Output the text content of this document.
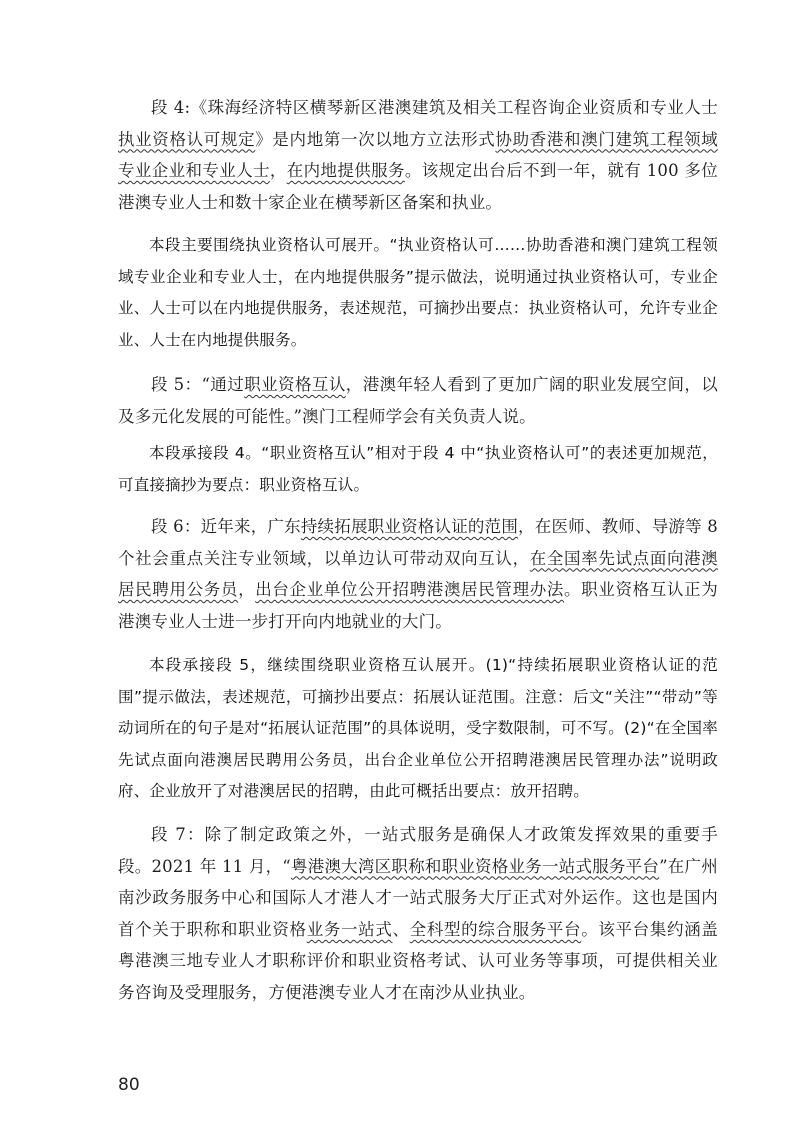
段 4:《珠海经济特区横琴新区港澳建筑及相关工程咨询企业资质和专业人士执业资格认可规定》是内地第一次以地方立法形式协助香港和澳门建筑工程领域专业企业和专业人士，在内地提供服务。该规定出台后不到一年，就有 100 多位港澳专业人士和数十家企业在横琴新区备案和执业。

本段主要围绕执业资格认可展开。“执业资格认可……协助香港和澳门建筑工程领域专业企业和专业人士，在内地提供服务”提示做法，说明通过执业资格认可，专业企业、人士可以在内地提供服务，表述规范，可摘抄出要点：执业资格认可，允许专业企业、人士在内地提供服务。

段 5：“通过职业资格互认，港澳年轻人看到了更加广阔的职业发展空间，以及多元化发展的可能性。”澳门工程师学会有关负责人说。

本段承接段 4。“职业资格互认”相对于段 4 中“执业资格认可”的表述更加规范，可直接摘抄为要点：职业资格互认。

段 6：近年来，广东持续拓展职业资格认证的范围，在医师、教师、导游等 8 个社会重点关注专业领域，以单边认可带动双向互认，在全国率先试点面向港澳居民聘用公务员，出台企业单位公开招聘港澳居民管理办法。职业资格互认正为港澳专业人士进一步打开向内地就业的大门。

本段承接段 5，继续围绕职业资格互认展开。(1)“持续拓展职业资格认证的范围”提示做法，表述规范，可摘抄出要点：拓展认证范围。注意：后文“关注”“带动”等动词所在的句子是对“拓展认证范围”的具体说明，受字数限制，可不写。(2)“在全国率先试点面向港澳居民聘用公务员，出台企业单位公开招聘港澳居民管理办法”说明政府、企业放开了对港澳居民的招聘，由此可概括出要点：放开招聘。

段 7：除了制定政策之外，一站式服务是确保人才政策发挥效果的重要手段。2021 年 11 月，“粤港澳大湾区职称和职业资格业务一站式服务平台”在广州南沙政务服务中心和国际人才港人才一站式服务大厅正式对外运作。这也是国内首个关于职称和职业资格业务一站式、全科型的综合服务平台。该平台集约涵盖粤港澳三地专业人才职称评价和职业资格考试、认可业务等事项，可提供相关业务咨询及受理服务，方便港澳专业人才在南沙从业执业。

80
